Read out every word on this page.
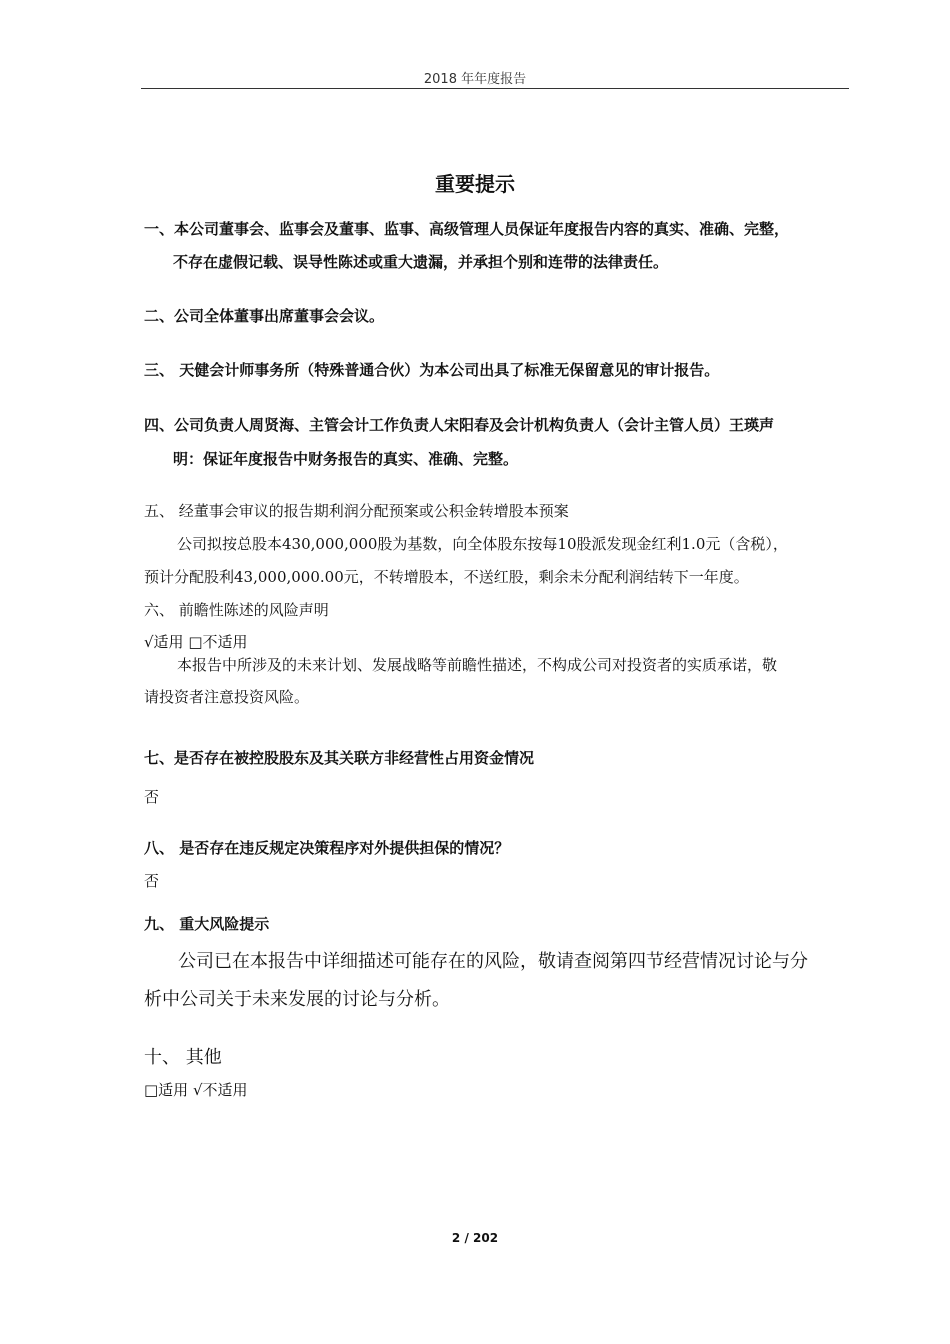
2018 年年度报告
重要提示
一、本公司董事会、监事会及董事、监事、高级管理人员保证年度报告内容的真实、准确、完整，
不存在虚假记载、误导性陈述或重大遗漏，并承担个别和连带的法律责任。
二、公司全体董事出席董事会会议。
三、 天健会计师事务所（特殊普通合伙）为本公司出具了标准无保留意见的审计报告。
四、公司负责人周贤海、主管会计工作负责人宋阳春及会计机构负责人（会计主管人员）王瑛声
明：保证年度报告中财务报告的真实、准确、完整。
五、 经董事会审议的报告期利润分配预案或公积金转增股本预案
公司拟按总股本430,000,000股为基数，向全体股东按每10股派发现金红利1.0元（含税），
预计分配股利43,000,000.00元，不转增股本，不送红股，剩余未分配利润结转下一年度。
六、 前瞻性陈述的风险声明
√适用 □不适用
本报告中所涉及的未来计划、发展战略等前瞻性描述，不构成公司对投资者的实质承诺，敬
请投资者注意投资风险。
七、是否存在被控股股东及其关联方非经营性占用资金情况
否
八、 是否存在违反规定决策程序对外提供担保的情况？
否
九、 重大风险提示
公司已在本报告中详细描述可能存在的风险，敬请查阅第四节经营情况讨论与分
析中公司关于未来发展的讨论与分析。
十、 其他
□适用 √不适用
2 / 202
